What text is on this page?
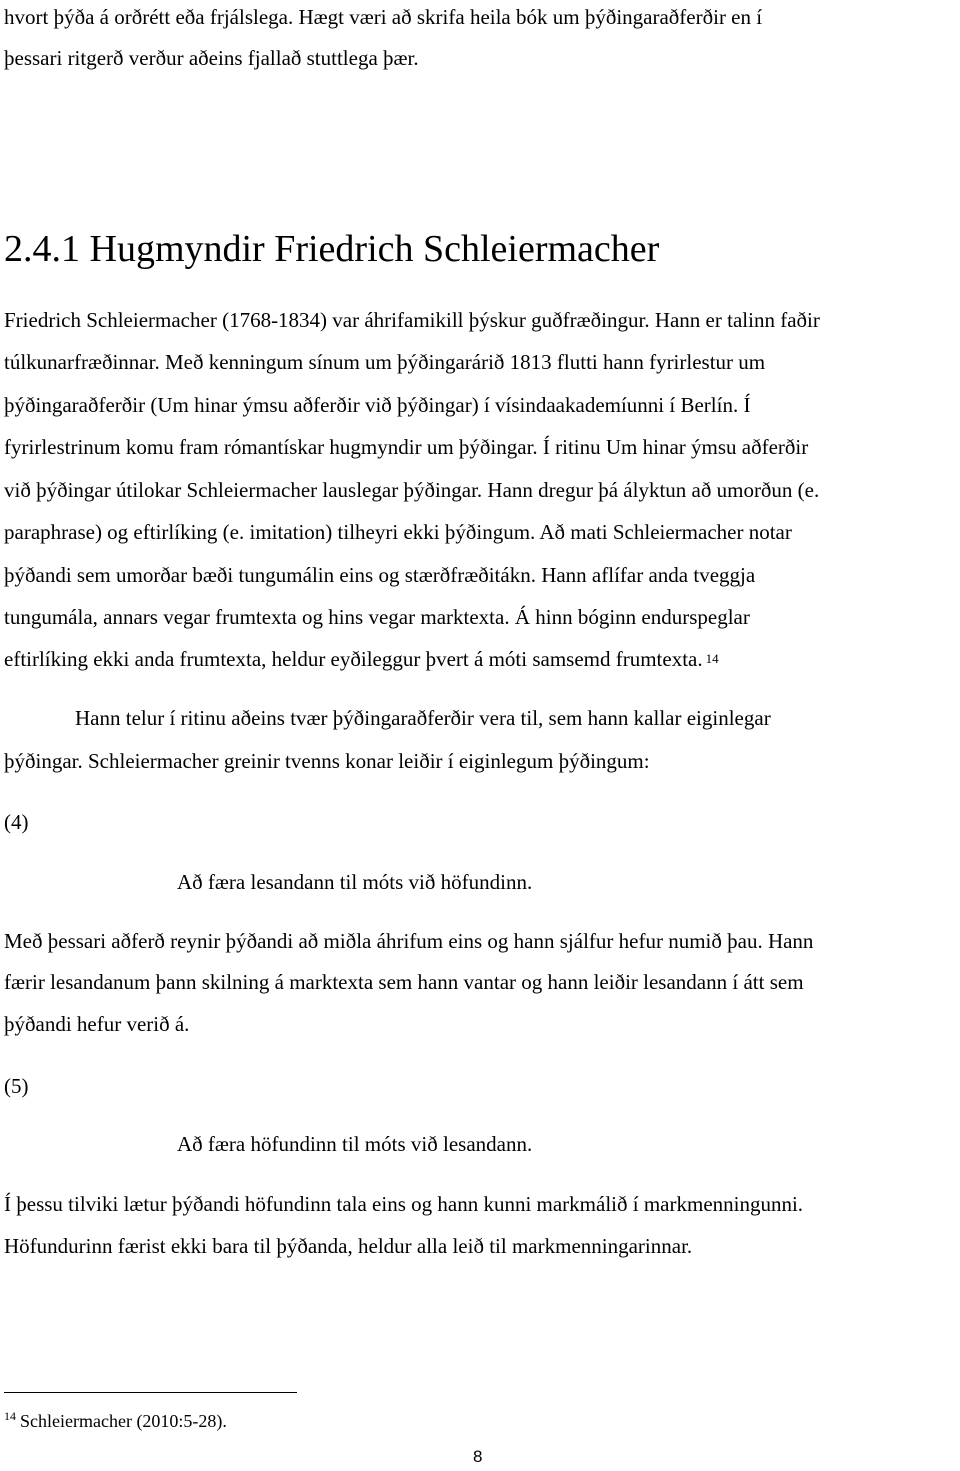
hvort þýða á orðrétt eða frjálslega. Hægt væri að skrifa heila bók um þýðingaraðferðir en í
þessari ritgerð verður aðeins fjallað stuttlega þær.
2.4.1 Hugmyndir Friedrich Schleiermacher
Friedrich Schleiermacher (1768-1834) var áhrifamikill þýskur guðfræðingur. Hann er talinn faðir
túlkunarfræðinnar. Með kenningum sínum um þýðingarárið 1813 flutti hann fyrirlestur um
þýðingaraðferðir (Um hinar ýmsu aðferðir við þýðingar) í vísindaakademíunni í Berlín. Í
fyrirlestrinum komu fram rómantískar hugmyndir um þýðingar. Í ritinu Um hinar ýmsu aðferðir
við þýðingar útilokar Schleiermacher lauslegar þýðingar. Hann dregur þá ályktun að umorðun (e.
paraphrase) og eftirlíking (e. imitation) tilheyri ekki þýðingum. Að mati Schleiermacher notar
þýðandi sem umorðar bæði tungumálin eins og stærðfræðitákn. Hann aflífar anda tveggja
tungumála, annars vegar frumtexta og hins vegar marktexta. Á hinn bóginn endurspeglar
eftirlíking ekki anda frumtexta, heldur eyðileggur þvert á móti samsemd frumtexta. $^{14}$
Hann telur í ritinu aðeins tvær þýðingaraðferðir vera til, sem hann kallar eiginlegar
þýðingar. Schleiermacher greinir tvenns konar leiðir í eiginlegum þýðingum:
(4)
Að færa lesandann til móts við höfundinn.
Með þessari aðferð reynir þýðandi að miðla áhrifum eins og hann sjálfur hefur numið þau. Hann
færir lesandanum þann skilning á marktexta sem hann vantar og hann leiðir lesandann í átt sem
þýðandi hefur verið á.
(5)
Að færa höfundinn til móts við lesandann.
Í þessu tilviki lætur þýðandi höfundinn tala eins og hann kunni markmálið í markmenningunni.
Höfundurinn færist ekki bara til þýðanda, heldur alla leið til markmenningarinnar.
$^{14}$ Schleiermacher (2010:5-28).
8
